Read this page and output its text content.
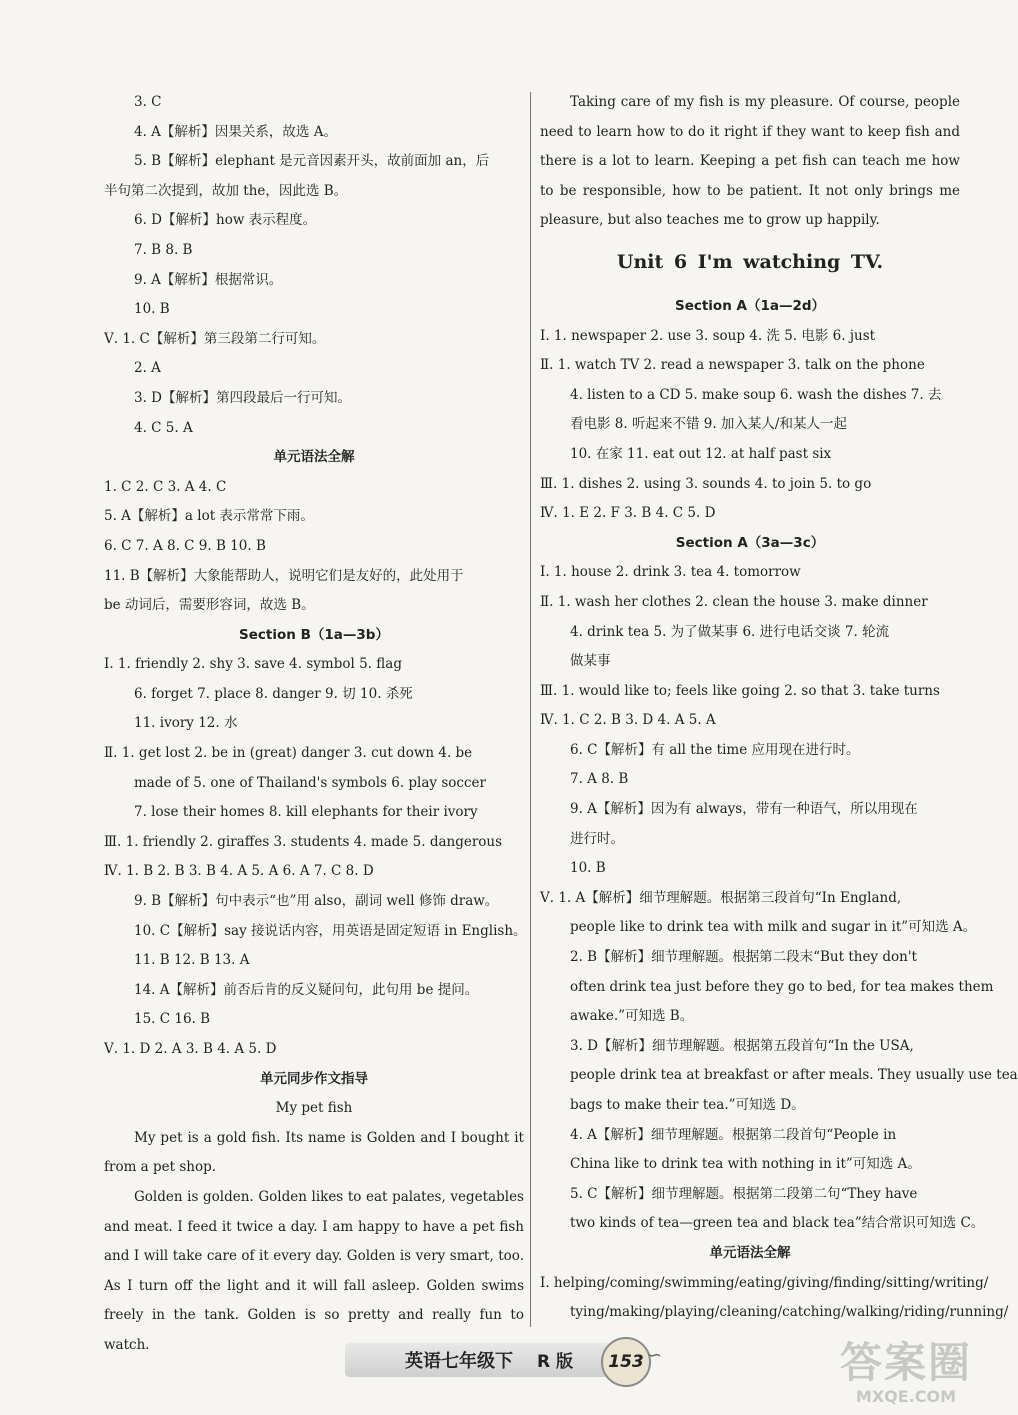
3. C
4. A【解析】因果关系，故选 A。
5. B【解析】elephant 是元音因素开头，故前面加 an，后
半句第二次提到，故加 the，因此选 B。
6. D【解析】how 表示程度。
7. B 8. B
9. A【解析】根据常识。
10. B
Ⅴ. 1. C【解析】第三段第二行可知。
2. A
3. D【解析】第四段最后一行可知。
4. C 5. A
单元语法全解
1. C 2. C 3. A 4. C
5. A【解析】a lot 表示常常下雨。
6. C 7. A 8. C 9. B 10. B
11. B【解析】大象能帮助人，说明它们是友好的，此处用于
be 动词后，需要形容词，故选 B。
Section B（1a—3b）
Ⅰ. 1. friendly 2. shy 3. save 4. symbol 5. flag
6. forget 7. place 8. danger 9. 切 10. 杀死
11. ivory 12. 水
Ⅱ. 1. get lost 2. be in (great) danger 3. cut down 4. be
made of 5. one of Thailand's symbols 6. play soccer
7. lose their homes 8. kill elephants for their ivory
Ⅲ. 1. friendly 2. giraffes 3. students 4. made 5. dangerous
Ⅳ. 1. B 2. B 3. B 4. A 5. A 6. A 7. C 8. D
9. B【解析】句中表示“也”用 also，副词 well 修饰 draw。
10. C【解析】say 接说话内容，用英语是固定短语 in English。
11. B 12. B 13. A
14. A【解析】前否后肯的反义疑问句，此句用 be 提问。
15. C 16. B
Ⅴ. 1. D 2. A 3. B 4. A 5. D
单元同步作文指导
My pet fish
My pet is a gold fish. Its name is Golden and I bought it from a pet shop.
Golden is golden. Golden likes to eat palates, vegetables and meat. I feed it twice a day. I am happy to have a pet fish and I will take care of it every day. Golden is very smart, too. As I turn off the light and it will fall asleep. Golden swims freely in the tank. Golden is so pretty and really fun to watch.
Taking care of my fish is my pleasure. Of course, people need to learn how to do it right if they want to keep fish and there is a lot to learn. Keeping a pet fish can teach me how to be responsible, how to be patient. It not only brings me pleasure, but also teaches me to grow up happily.
Unit 6 I'm watching TV.
Section A（1a—2d）
Ⅰ. 1. newspaper 2. use 3. soup 4. 洗 5. 电影 6. just
Ⅱ. 1. watch TV 2. read a newspaper 3. talk on the phone
4. listen to a CD 5. make soup 6. wash the dishes 7. 去
看电影 8. 听起来不错 9. 加入某人/和某人一起
10. 在家 11. eat out 12. at half past six
Ⅲ. 1. dishes 2. using 3. sounds 4. to join 5. to go
Ⅳ. 1. E 2. F 3. B 4. C 5. D
Section A（3a—3c）
Ⅰ. 1. house 2. drink 3. tea 4. tomorrow
Ⅱ. 1. wash her clothes 2. clean the house 3. make dinner
4. drink tea 5. 为了做某事 6. 进行电话交谈 7. 轮流
做某事
Ⅲ. 1. would like to; feels like going 2. so that 3. take turns
Ⅳ. 1. C 2. B 3. D 4. A 5. A
6. C【解析】有 all the time 应用现在进行时。
7. A 8. B
9. A【解析】因为有 always，带有一种语气，所以用现在
进行时。
10. B
Ⅴ. 1. A【解析】细节理解题。根据第三段首句“In England,
people like to drink tea with milk and sugar in it”可知选 A。
2. B【解析】细节理解题。根据第二段末“But they don't
often drink tea just before they go to bed, for tea makes them
awake.”可知选 B。
3. D【解析】细节理解题。根据第五段首句“In the USA,
people drink tea at breakfast or after meals. They usually use tea
bags to make their tea.”可知选 D。
4. A【解析】细节理解题。根据第二段首句“People in
China like to drink tea with nothing in it”可知选 A。
5. C【解析】细节理解题。根据第二段第二句“They have
two kinds of tea—green tea and black tea”结合常识可知选 C。
单元语法全解
Ⅰ. helping/coming/swimming/eating/giving/finding/sitting/writing/
tying/making/playing/cleaning/catching/walking/riding/running/
英语七年级下 R 版	153 ∽	答案圈
MXQE.COM
